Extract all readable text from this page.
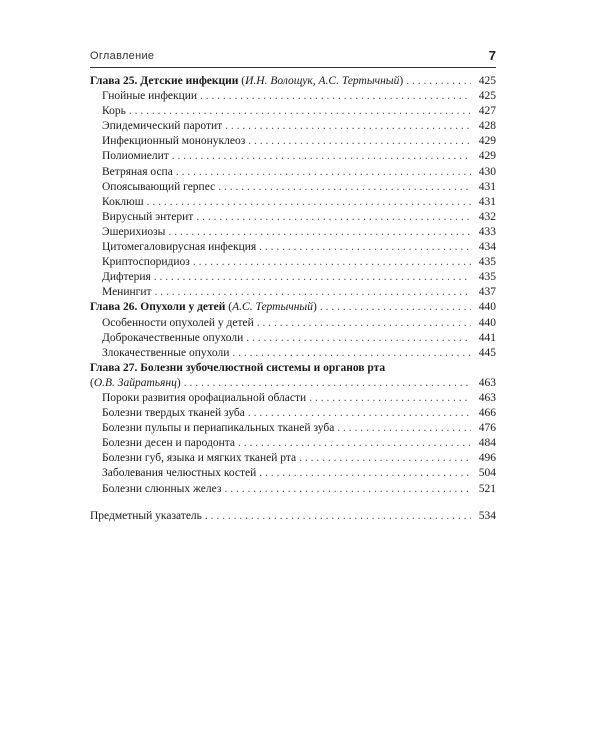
Оглавление	7
Глава 25. Детские инфекции (И.Н. Волощук, А.С. Тертычный) . . .	425
Гнойные инфекции . . .	425
Корь . . .	427
Эпидемический паротит . . .	428
Инфекционный мононуклеоз . . .	429
Полиомиелит . . .	429
Ветряная оспа . . .	430
Опоясывающий герпес . . .	431
Коклюш . . .	431
Вирусный энтерит . . .	432
Эшерихиозы . . .	433
Цитомегаловирусная инфекция . . .	434
Криптоспоридиоз . . .	435
Дифтерия . . .	435
Менингит . . .	437
Глава 26. Опухоли у детей (А.С. Тертычный) . . .	440
Особенности опухолей у детей . . .	440
Доброкачественные опухоли . . .	441
Злокачественные опухоли . . .	445
Глава 27. Болезни зубочелюстной системы и органов рта
(О.В. Зайратьянц) . . .	463
Пороки развития орофациальной области . . .	463
Болезни твердых тканей зуба . . .	466
Болезни пульпы и периапикальных тканей зуба . . .	476
Болезни десен и пародонта . . .	484
Болезни губ, языка и мягких тканей рта . . .	496
Заболевания челюстных костей . . .	504
Болезни слюнных желез . . .	521
Предметный указатель . . .	534
